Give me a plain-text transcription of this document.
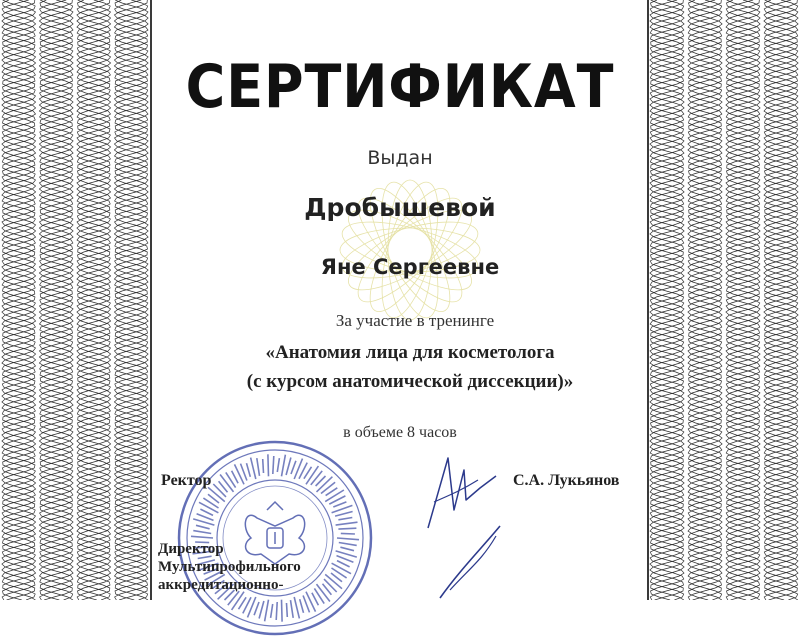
СЕРТИФИКАТ
Выдан
Дробышевой
Яне Сергеевне
За участие в тренинге
«Анатомия лица для косметолога
(с курсом анатомической диссекции)»
в объеме 8 часов
Ректор	С.А. Лукьянов
Директор
Мультипрофильного
аккредитационно-
